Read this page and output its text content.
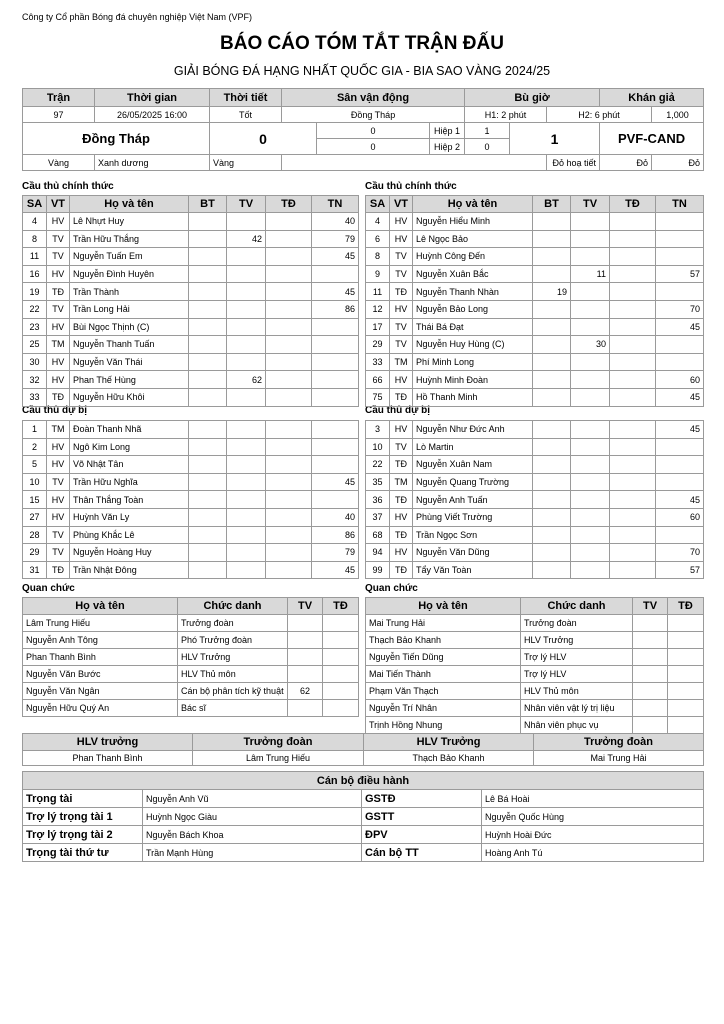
Công ty Cổ phần Bóng đá chuyên nghiệp Việt Nam (VPF)
BÁO CÁO TÓM TẮT TRẬN ĐẤU
GIẢI BÓNG ĐÁ HẠNG NHẤT QUỐC GIA - BIA SAO VÀNG 2024/25
Trận	Thời gian	Thời tiết	Sân vận động			Bù giờ			Khán giả	
97	26/05/2025 16:00	Tốt	Đồng Tháp			H1: 2 phút		H2: 6 phút		1,000
Đồng Tháp		0		0	Hiệp 1	1	1		PVF-CAND	
				0	Hiệp 2	0				
Vàng	Xanh dương	Vàng						Đỏ hoạ tiết	Đỏ	Đỏ
Cầu thủ chính thức	Cầu thủ chính thức
Cầu thủ dự bị	Cầu thủ dự bị
Quan chức	Quan chức
SA	VT	Họ và tên	BT	TV	TĐ	TN
4	HV	Lê Nhựt Huy				40
8	TV	Trần Hữu Thắng		42		79
11	TV	Nguyễn Tuấn Em				45
16	HV	Nguyễn Đình Huyên				
19	TĐ	Trần Thành				45
22	TV	Trần Long Hải				86
23	HV	Bùi Ngọc Thịnh (C)				
25	TM	Nguyễn Thanh Tuấn				
30	HV	Nguyễn Văn Thái				
32	HV	Phan Thế Hùng		62		
33	TĐ	Nguyễn Hữu Khôi				
SA	VT	Họ và tên	BT	TV	TĐ	TN
4	HV	Nguyễn Hiểu Minh				
6	HV	Lê Ngọc Bảo				
8	TV	Huỳnh Công Đến				
9	TV	Nguyễn Xuân Bắc		11		57
11	TĐ	Nguyễn Thanh Nhàn	19			
12	HV	Nguyễn Bảo Long				70
17	TV	Thái Bá Đạt				45
29	TV	Nguyễn Huy Hùng (C)		30		
33	TM	Phí Minh Long				
66	HV	Huỳnh Minh Đoàn				60
75	TĐ	Hồ Thanh Minh				45
1	TM	Đoàn Thanh Nhã				
2	HV	Ngô Kim Long				
5	HV	Võ Nhật Tân				
10	TV	Trần Hữu Nghĩa				45
15	HV	Thân Thắng Toàn				
27	HV	Huỳnh Văn Ly				40
28	TV	Phùng Khắc Lê				86
29	TV	Nguyễn Hoàng Huy				79
31	TĐ	Trần Nhật Đông				45
3	HV	Nguyễn Như Đức Anh				45
10	TV	Lò Martin				
22	TĐ	Nguyễn Xuân Nam				
35	TM	Nguyễn Quang Trường				
36	TĐ	Nguyễn Anh Tuấn				45
37	HV	Phùng Viết Trường				60
68	TĐ	Trần Ngọc Sơn				
94	HV	Nguyễn Văn Dũng				70
99	TĐ	Tẩy Văn Toàn				57
Họ và tên	Chức danh	TV	TĐ
Lâm Trung Hiếu	Trưởng đoàn		
Nguyễn Anh Tông	Phó Trưởng đoàn		
Phan Thanh Bình	HLV Trưởng		
Nguyễn Văn Bước	HLV Thủ môn		
Nguyễn Văn Ngân	Cán bộ phân tích kỹ thuật	62	
Nguyễn Hữu Quý An	Bác sĩ		
Họ và tên	Chức danh	TV	TĐ
Mai Trung Hải	Trưởng đoàn		
Thạch Bảo Khanh	HLV Trưởng		
Nguyễn Tiến Dũng	Trợ lý HLV		
Mai Tiến Thành	Trợ lý HLV		
Phạm Văn Thạch	HLV Thủ môn		
Nguyễn Trí Nhân	Nhân viên vật lý trị liệu		
Trịnh Hồng Nhung	Nhân viên phục vụ		
HLV trưởng	Trưởng đoàn	HLV Trưởng	Trưởng đoàn
Phan Thanh Bình	Lâm Trung Hiếu	Thạch Bảo Khanh	Mai Trung Hải
Cán bộ điều hành			
Trọng tài	Nguyễn Anh Vũ	GSTĐ	Lê Bá Hoài
Trợ lý trọng tài 1	Huỳnh Ngọc Giàu	GSTT	Nguyễn Quốc Hùng
Trợ lý trọng tài 2	Nguyễn Bách Khoa	ĐPV	Huỳnh Hoài Đức
Trọng tài thứ tư	Trần Mạnh Hùng	Cán bộ TT	Hoàng Anh Tú
